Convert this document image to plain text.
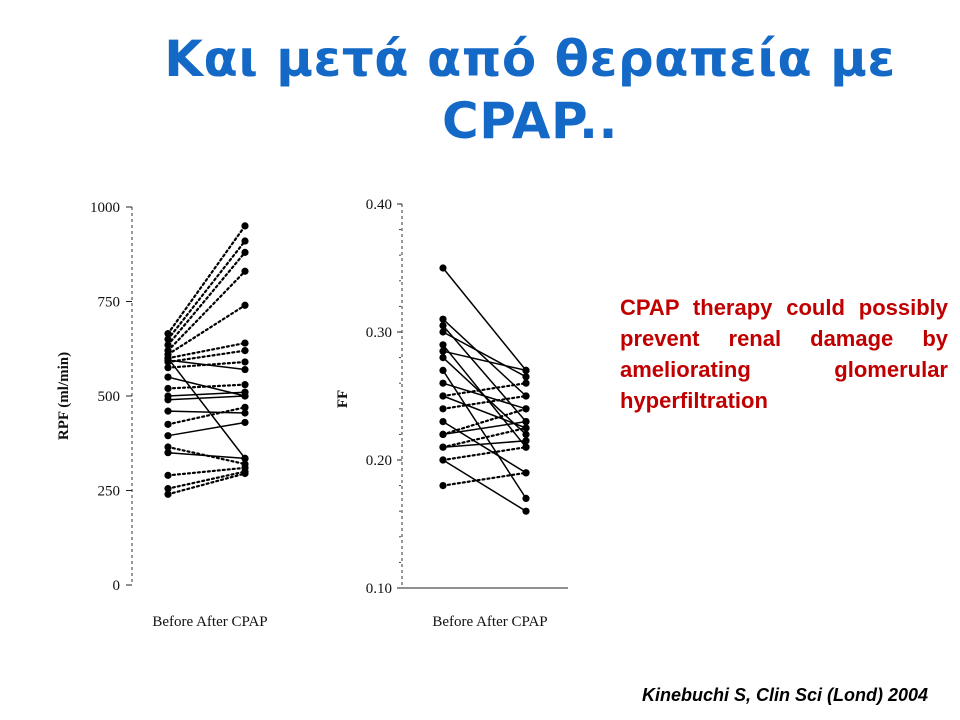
Και μετά από θεραπεία με CPAP..
0
250
500
750
1000
RPF (ml/min)
Before After CPAP
0.10
0.20
0.30
0.40
FF
Before After CPAP
CPAP therapy could possibly prevent renal damage by ameliorating glomerular hyperfiltration
Kinebuchi S, Clin Sci (Lond) 2004
